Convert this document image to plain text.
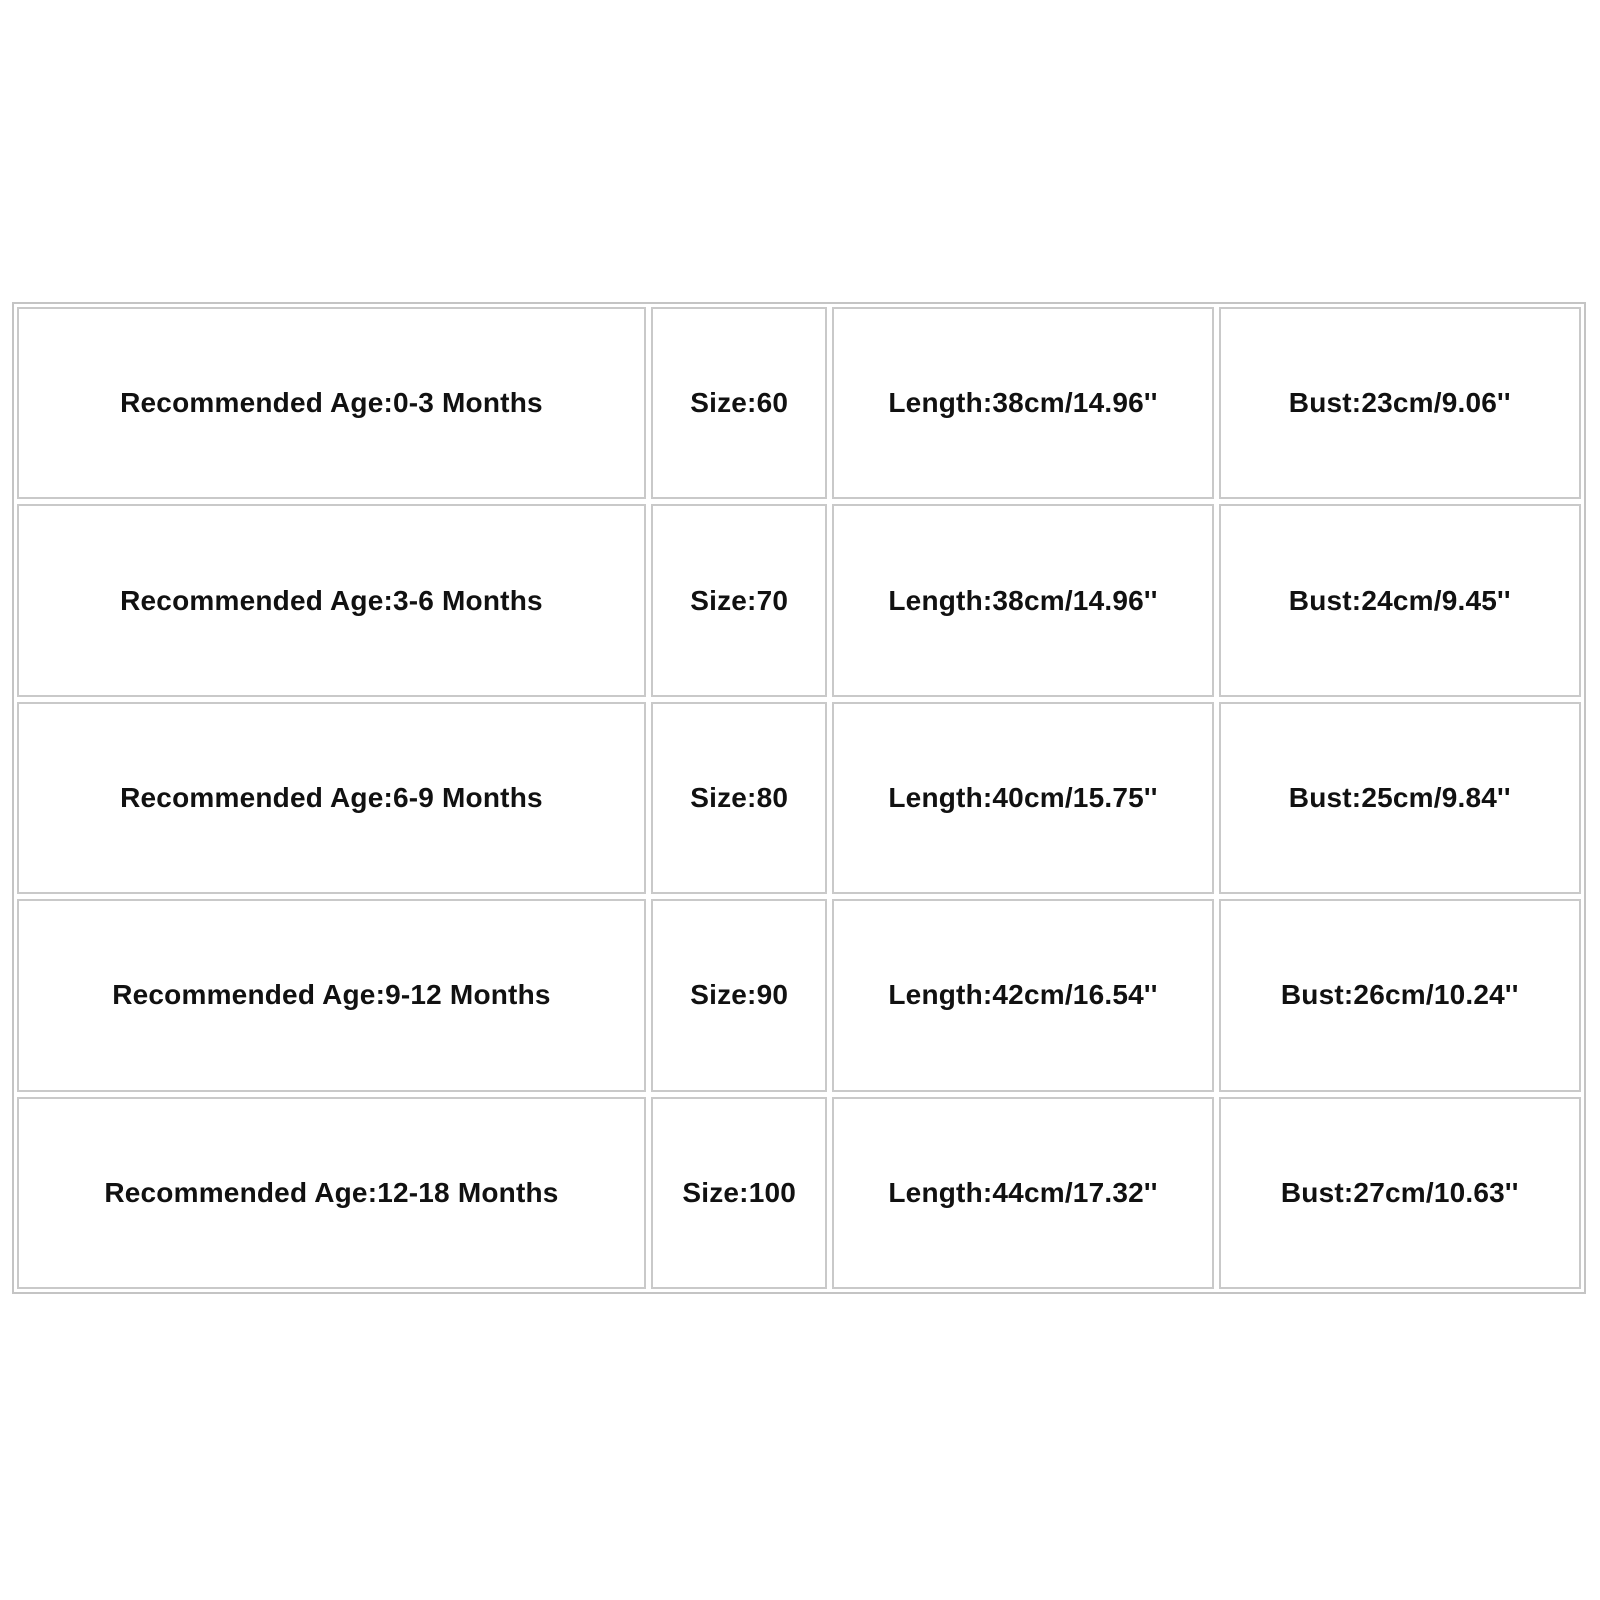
Recommended Age:0-3 Months	Size:60	Length:38cm/14.96''	Bust:23cm/9.06''
Recommended Age:3-6 Months	Size:70	Length:38cm/14.96''	Bust:24cm/9.45''
Recommended Age:6-9 Months	Size:80	Length:40cm/15.75''	Bust:25cm/9.84''
Recommended Age:9-12 Months	Size:90	Length:42cm/16.54''	Bust:26cm/10.24''
Recommended Age:12-18 Months	Size:100	Length:44cm/17.32''	Bust:27cm/10.63''
